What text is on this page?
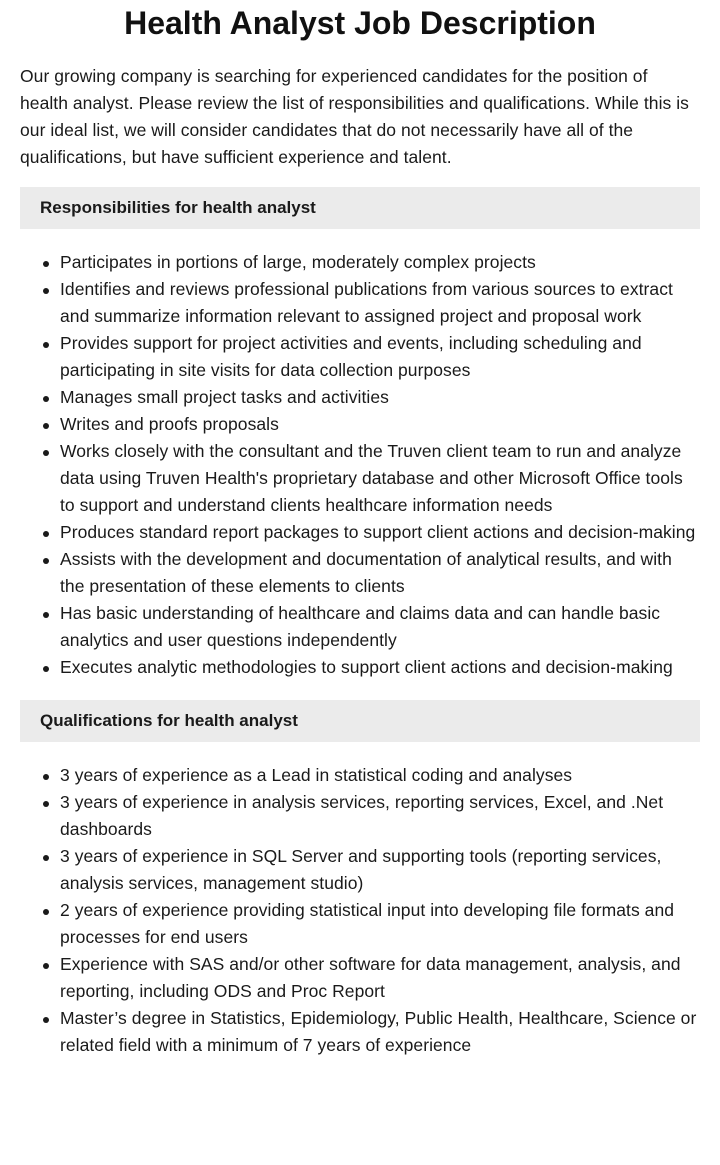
Health Analyst Job Description

Our growing company is searching for experienced candidates for the position of health analyst. Please review the list of responsibilities and qualifications. While this is our ideal list, we will consider candidates that do not necessarily have all of the qualifications, but have sufficient experience and talent.

Responsibilities for health analyst
Participates in portions of large, moderately complex projects
Identifies and reviews professional publications from various sources to extract and summarize information relevant to assigned project and proposal work
Provides support for project activities and events, including scheduling and participating in site visits for data collection purposes
Manages small project tasks and activities
Writes and proofs proposals
Works closely with the consultant and the Truven client team to run and analyze data using Truven Health's proprietary database and other Microsoft Office tools to support and understand clients healthcare information needs
Produces standard report packages to support client actions and decision-making
Assists with the development and documentation of analytical results, and with the presentation of these elements to clients
Has basic understanding of healthcare and claims data and can handle basic analytics and user questions independently
Executes analytic methodologies to support client actions and decision-making
Qualifications for health analyst
3 years of experience as a Lead in statistical coding and analyses
3 years of experience in analysis services, reporting services, Excel, and .Net dashboards
3 years of experience in SQL Server and supporting tools (reporting services, analysis services, management studio)
2 years of experience providing statistical input into developing file formats and processes for end users
Experience with SAS and/or other software for data management, analysis, and reporting, including ODS and Proc Report
Master’s degree in Statistics, Epidemiology, Public Health, Healthcare, Science or related field with a minimum of 7 years of experience
